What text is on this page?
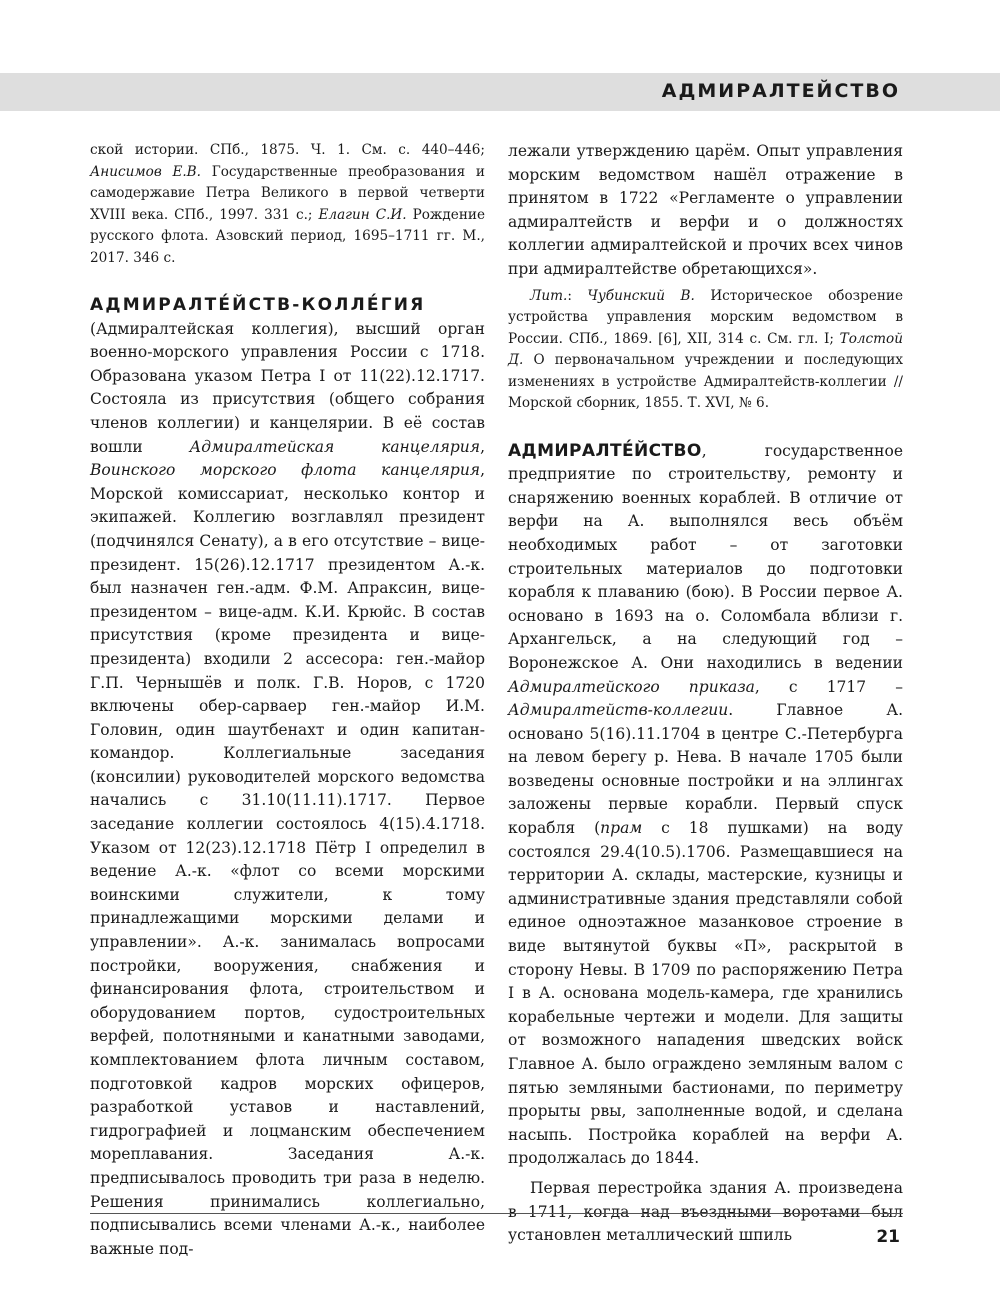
АДМИРАЛТЕЙСТВО

ской истории. СПб., 1875. Ч. 1. См. с. 440–446; Анисимов Е.В. Государственные преобразования и самодержавие Петра Великого в первой четверти XVIII века. СПб., 1997. 331 с.; Елагин С.И. Рождение русского флота. Азовский период, 1695–1711 гг. М., 2017. 346 с.

АДМИРАЛТЕ́ЙСТВ-КОЛЛЕ́ГИЯ (Адмиралтейская коллегия), высший орган военно-морского управления России с 1718. Образована указом Петра I от 11(22).12.1717. Состояла из присутствия (общего собрания членов коллегии) и канцелярии. В её состав вошли Адмиралтейская канцелярия, Воинского морского флота канцелярия, Морской комиссариат, несколько контор и экипажей. Коллегию возглавлял президент (подчинялся Сенату), а в его отсутствие – вице-президент. 15(26).12.1717 президентом А.-к. был назначен ген.-адм. Ф.М. Апраксин, вице-президентом – вице-адм. К.И. Крюйс. В состав присутствия (кроме президента и вице-президента) входили 2 ассесора: ген.-майор Г.П. Чернышёв и полк. Г.В. Норов, с 1720 включены обер-сарваер ген.-майор И.М. Головин, один шаутбенахт и один капитан-командор. Коллегиальные заседания (консилии) руководителей морского ведомства начались с 31.10(11.11).1717. Первое заседание коллегии состоялось 4(15).4.1718. Указом от 12(23).12.1718 Пётр I определил в ведение А.-к. «флот со всеми морскими воинскими служители, к тому принадлежащими морскими делами и управлении». А.-к. занималась вопросами постройки, вооружения, снабжения и финансирования флота, строительством и оборудованием портов, судостроительных верфей, полотняными и канатными заводами, комплектованием флота личным составом, подготовкой кадров морских офицеров, разработкой уставов и наставлений, гидрографией и лоцманским обеспечением мореплавания. Заседания А.-к. предписывалось проводить три раза в неделю. Решения принимались коллегиально, подписывались всеми членами А.-к., наиболее важные под-

лежали утверждению царём. Опыт управления морским ведомством нашёл отражение в принятом в 1722 «Регламенте о управлении адмиралтейств и верфи и о должностях коллегии адмиралтейской и прочих всех чинов при адмиралтействе обретающихся».

Лит.: Чубинский В. Историческое обозрение устройства управления морским ведомством в России. СПб., 1869. [6], XII, 314 с. См. гл. I; Толстой Д. О первоначальном учреждении и последующих изменениях в устройстве Адмиралтейств-коллегии // Морской сборник, 1855. Т. XVI, № 6.

АДМИРАЛТЕ́ЙСТВО, государственное предприятие по строительству, ремонту и снаряжению военных кораблей. В отличие от верфи на А. выполнялся весь объём необходимых работ – от заготовки строительных материалов до подготовки корабля к плаванию (бою). В России первое А. основано в 1693 на о. Соломбала вблизи г. Архангельск, а на следующий год – Воронежское А. Они находились в ведении Адмиралтейского приказа, с 1717 – Адмиралтейств-коллегии. Главное А. основано 5(16).11.1704 в центре С.-Петербурга на левом берегу р. Нева. В начале 1705 были возведены основные постройки и на эллингах заложены первые корабли. Первый спуск корабля (прам с 18 пушками) на воду состоялся 29.4(10.5).1706. Размещавшиеся на территории А. склады, мастерские, кузницы и административные здания представляли собой единое одноэтажное мазанковое строение в виде вытянутой буквы «П», раскрытой в сторону Невы. В 1709 по распоряжению Петра I в А. основана модель-камера, где хранились корабельные чертежи и модели. Для защиты от возможного нападения шведских войск Главное А. было ограждено земляным валом с пятью земляными бастионами, по периметру прорыты рвы, заполненные водой, и сделана насыпь. Постройка кораблей на верфи А. продолжалась до 1844.

Первая перестройка здания А. произведена в 1711, когда над въездными воротами был установлен металлический шпиль	21
